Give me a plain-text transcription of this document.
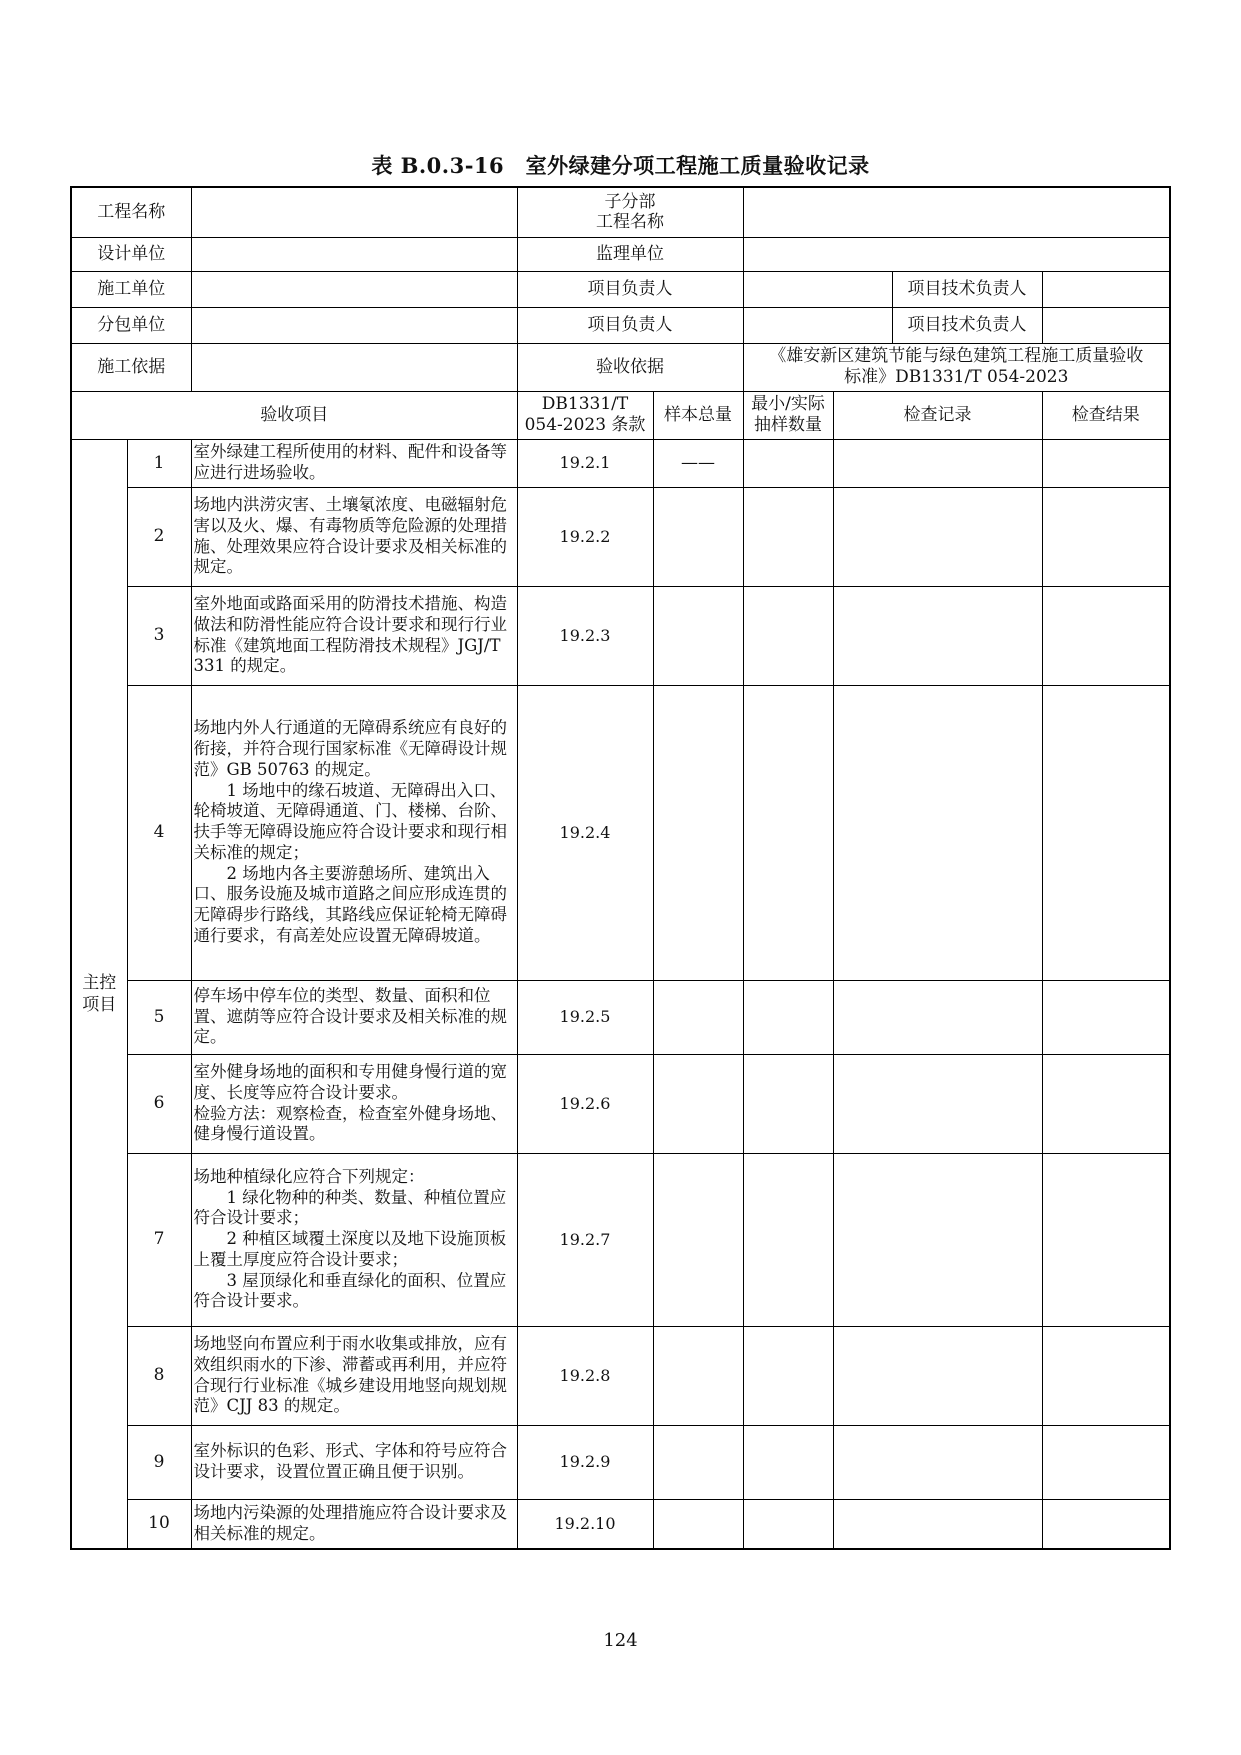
表 B.0.3-16　室外绿建分项工程施工质量验收记录
工程名称			子分部
工程名称					

设计单位			监理单位					
施工单位			项目负责人				项目技术负责人	
分包单位			项目负责人				项目技术负责人	
施工依据			验收依据		《雄安新区建筑节能与绿色建筑工程施工质量验收
标准》DB1331/T 054-2023			

验收项目			DB1331/T
054-2023 条款	样本总量	最小/实际
抽样数量	检查记录		检查结果

主控
项目	1	室外绿建工程所使用的材料、配件和设备等应进行进场验收。	19.2.1	——				
	2	场地内洪涝灾害、土壤氡浓度、电磁辐射危害以及火、爆、有毒物质等危险源的处理措施、处理效果应符合设计要求及相关标准的规定。	19.2.2					
	3	室外地面或路面采用的防滑技术措施、构造做法和防滑性能应符合设计要求和现行行业标准《建筑地面工程防滑技术规程》JGJ/T 331 的规定。	19.2.3					
	4	场地内外人行通道的无障碍系统应有良好的衔接，并符合现行国家标准《无障碍设计规范》GB 50763 的规定。
1 场地中的缘石坡道、无障碍出入口、轮椅坡道、无障碍通道、门、楼梯、台阶、扶手等无障碍设施应符合设计要求和现行相关标准的规定；
2 场地内各主要游憩场所、建筑出入口、服务设施及城市道路之间应形成连贯的无障碍步行路线，其路线应保证轮椅无障碍通行要求，有高差处应设置无障碍坡道。	19.2.4					
	5	停车场中停车位的类型、数量、面积和位置、遮荫等应符合设计要求及相关标准的规定。	19.2.5					
	6	室外健身场地的面积和专用健身慢行道的宽度、长度等应符合设计要求。
检验方法：观察检查，检查室外健身场地、健身慢行道设置。	19.2.6					
	7	场地种植绿化应符合下列规定：
1 绿化物种的种类、数量、种植位置应符合设计要求；
2 种植区域覆土深度以及地下设施顶板上覆土厚度应符合设计要求；
3 屋顶绿化和垂直绿化的面积、位置应符合设计要求。	19.2.7					
	8	场地竖向布置应利于雨水收集或排放，应有效组织雨水的下渗、滞蓄或再利用，并应符合现行行业标准《城乡建设用地竖向规划规范》CJJ 83 的规定。	19.2.8					
	9	室外标识的色彩、形式、字体和符号应符合设计要求，设置位置正确且便于识别。	19.2.9					
	10	场地内污染源的处理措施应符合设计要求及相关标准的规定。	19.2.10					
124
